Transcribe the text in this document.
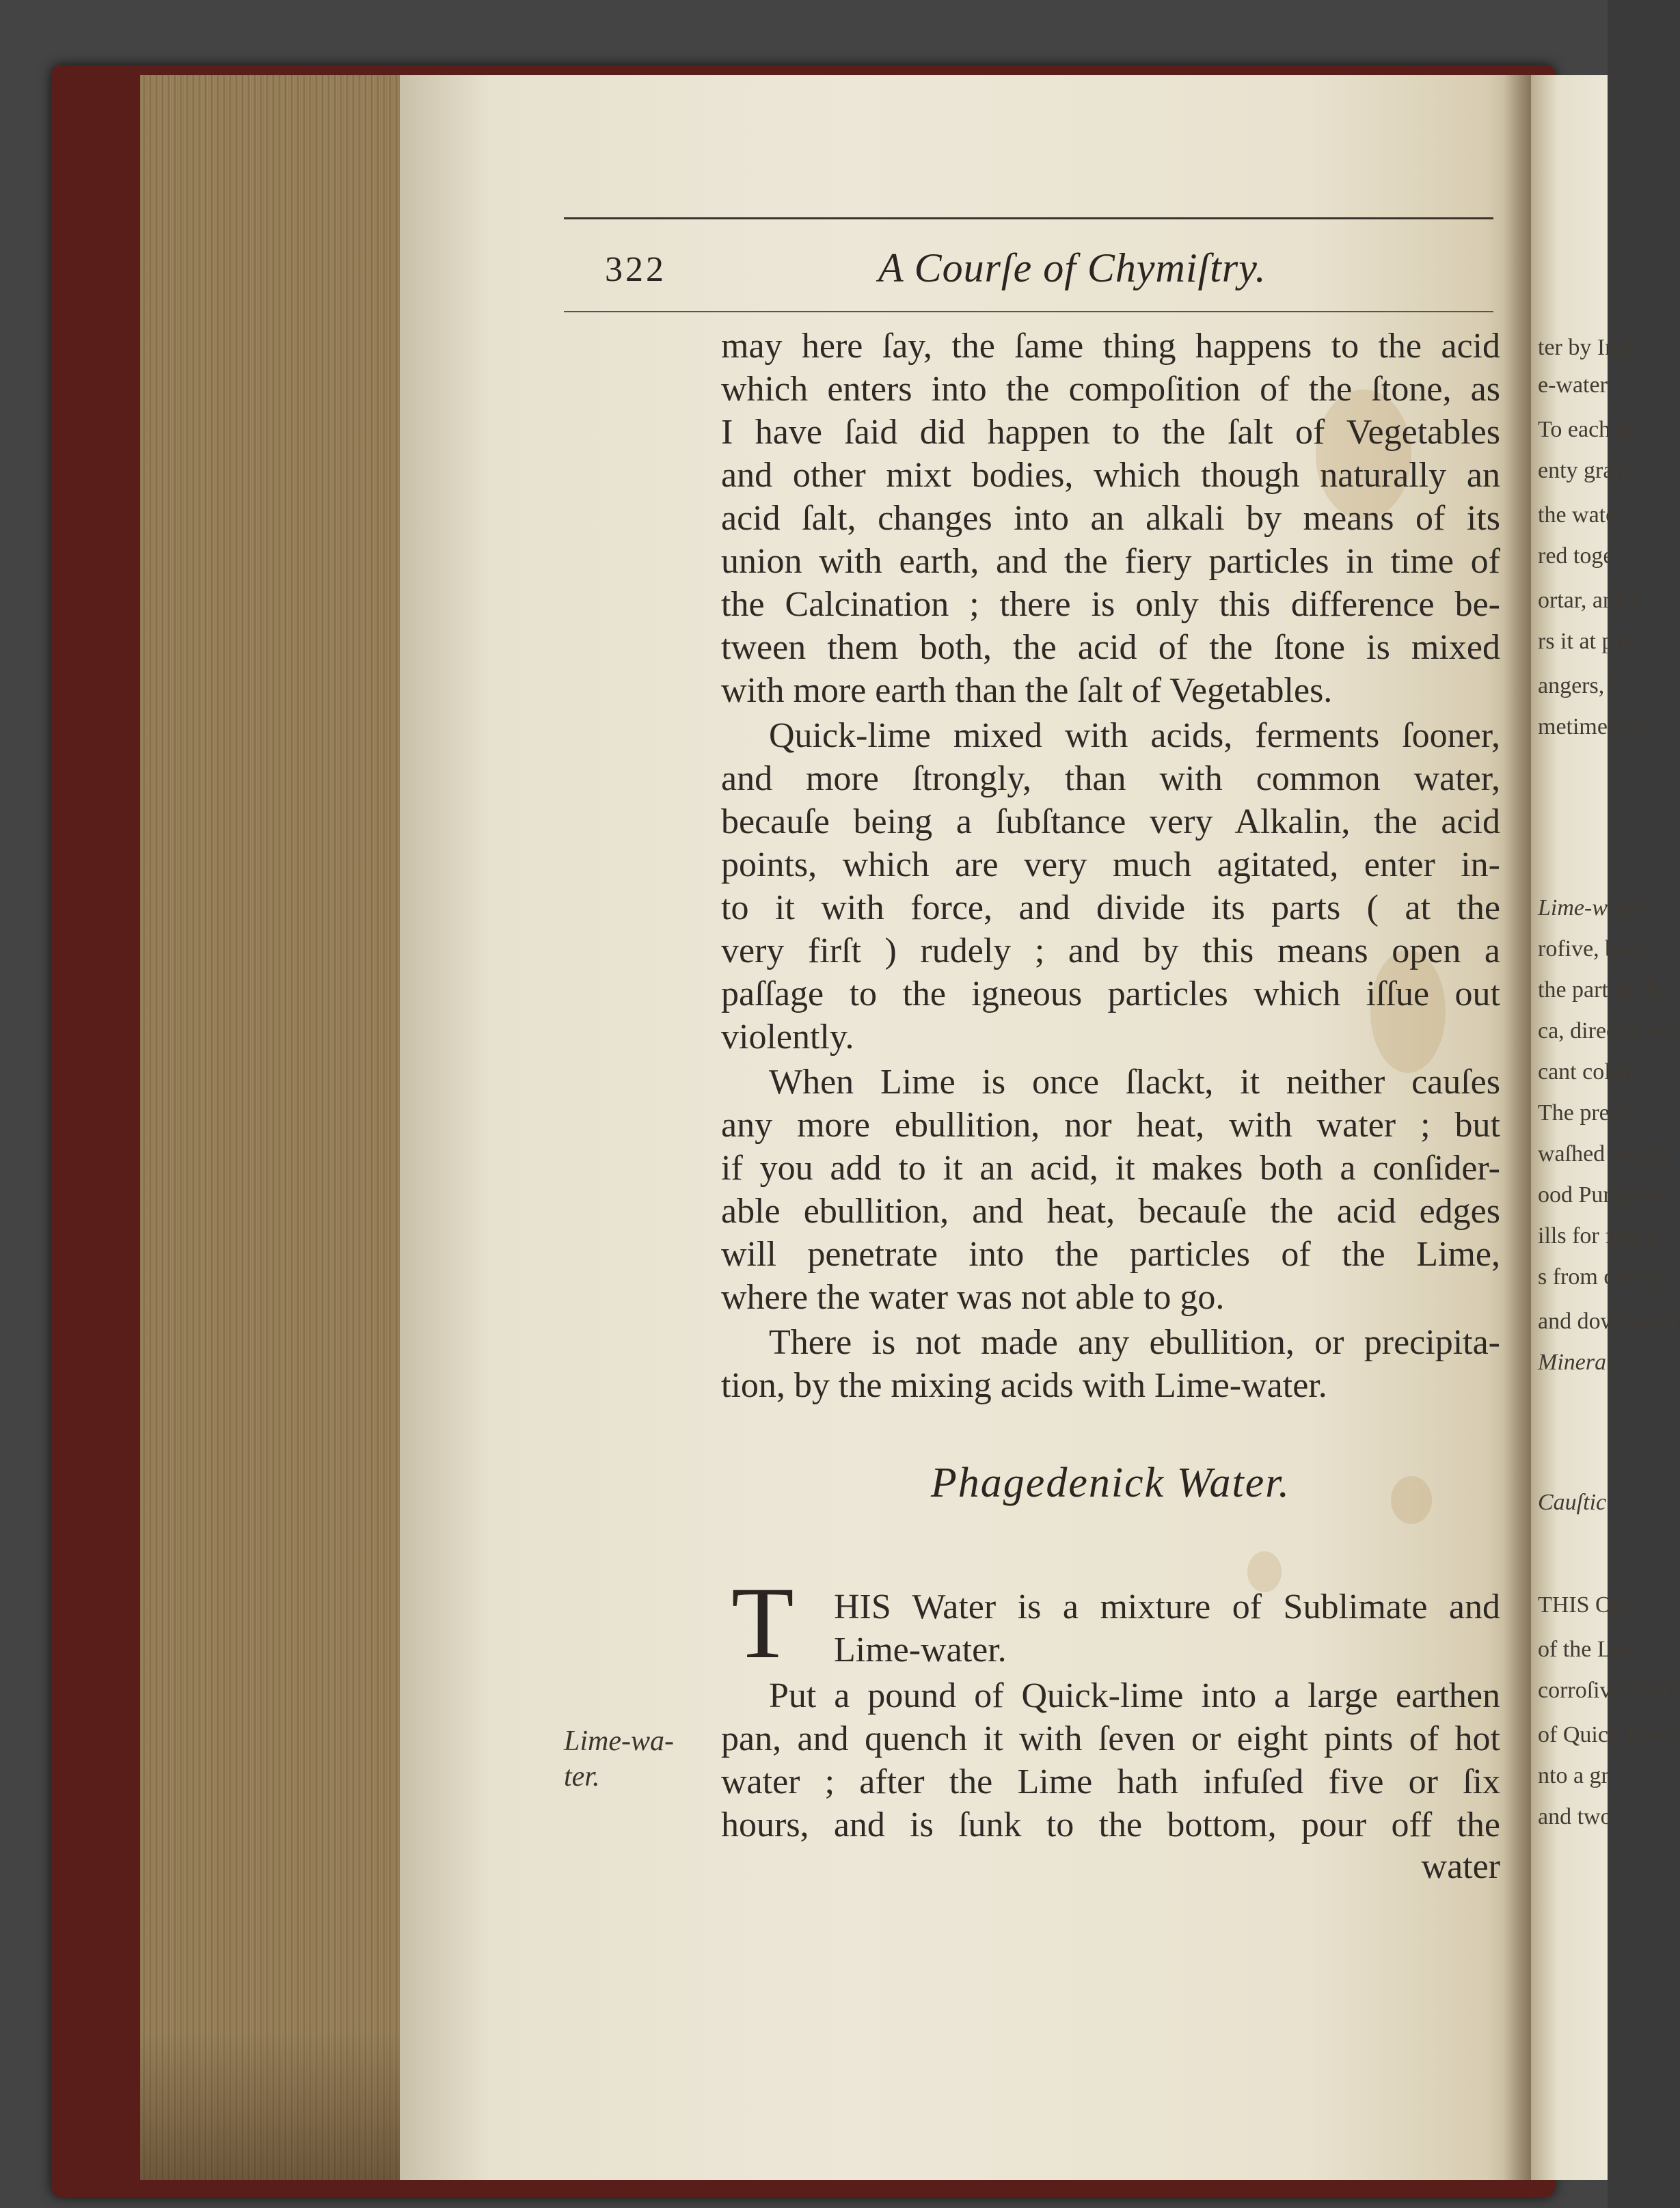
322	A Courſe of Chymiſtry.
may here ſay, the ſame thing happens to the acid
which enters into the compoſition of the ſtone, as
I have ſaid did happen to the ſalt of Vegetables
and other mixt bodies, which though naturally an
acid ſalt, changes into an alkali by means of its
union with earth, and the fiery particles in time of
the Calcination ; there is only this difference be-
tween them both, the acid of the ſtone is mixed
with more earth than the ſalt of Vegetables.
Quick-lime mixed with acids, ferments ſooner,
and more ſtrongly, than with common water,
becauſe being a ſubſtance very Alkalin, the acid
points, which are very much agitated, enter in-
to it with force, and divide its parts ( at the
very firſt ) rudely ; and by this means open a
paſſage to the igneous particles which iſſue out
violently.
When Lime is once ſlackt, it neither cauſes
any more ebullition, nor heat, with water ; but
if you add to it an acid, it makes both a conſider-
able ebullition, and heat, becauſe the acid edges
will penetrate into the particles of the Lime,
where the water was not able to go.
There is not made any ebullition, or precipita-
tion, by the mixing acids with Lime-water.
Phagedenick Water.
T HIS Water is a mixture of Sublimate and
Lime-water.
Lime-wa-
ter.
Put a pound of Quick-lime into a large earthen
pan, and quench it with ſeven or eight pints of hot
water ; after the Lime hath infuſed five or ſix
hours, and is ſunk to the bottom, pour off the
water
ter by Incl
e-water.
To each pi
enty grain
the wate
red toget
ortar, and t
rs it at pre
angers, b
metimes Spi
Lime-water
rofive, beca
the part of th
ca, directly mi
cant colou
The precip
waſhed and dr
ood Purgative
ills for fear o
s from one gr
and downward
Mineral.
Cauſtic
THIS Ope
of the Lee
corroſive than i
of Quick-lime,
nto a gr
and two
